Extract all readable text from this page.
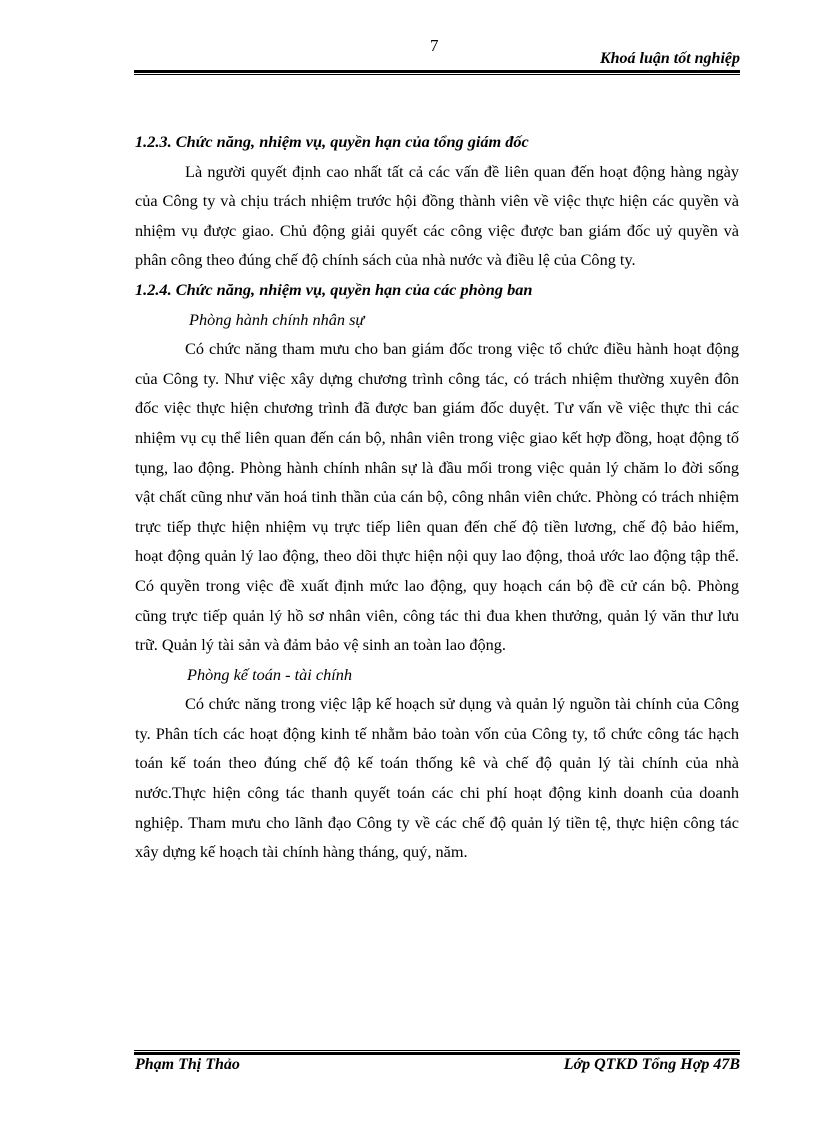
7
Khoá luận tốt nghiệp

1.2.3. Chức năng, nhiệm vụ, quyền hạn của tổng giám đốc

Là người quyết định cao nhất tất cả các vấn đề liên quan đến hoạt động hàng ngày của Công ty và chịu trách nhiệm trước hội đồng thành viên về việc thực hiện các quyền và nhiệm vụ được giao. Chủ động giải quyết các công việc được ban giám đốc uỷ quyền và phân công theo đúng chế độ chính sách của nhà nước và điều lệ của Công ty.

1.2.4. Chức năng, nhiệm vụ, quyền hạn của các phòng ban

Phòng hành chính nhân sự

Có chức năng tham mưu cho ban giám đốc trong việc tổ chức điều hành hoạt động của Công ty. Như việc xây dựng chương trình công tác, có trách nhiệm thường xuyên đôn đốc việc thực hiện chương trình đã được ban giám đốc duyệt. Tư vấn về việc thực thi các nhiệm vụ cụ thể liên quan đến cán bộ, nhân viên trong việc giao kết hợp đồng, hoạt động tố tụng, lao động. Phòng hành chính nhân sự là đầu mối trong việc quản lý chăm lo đời sống vật chất cũng như văn hoá tinh thần của cán bộ, công nhân viên chức. Phòng có trách nhiệm trực tiếp thực hiện nhiệm vụ trực tiếp liên quan đến chế độ tiền lương, chế độ bảo hiểm, hoạt động quản lý lao động, theo dõi thực hiện nội quy lao động, thoả ước lao động tập thể. Có quyền trong việc đề xuất định mức lao động, quy hoạch cán bộ đề cử cán bộ. Phòng cũng trực tiếp quản lý hồ sơ nhân viên, công tác thi đua khen thưởng, quản lý văn thư lưu trữ. Quản lý tài sản và đảm bảo vệ sinh an toàn lao động.

Phòng kế toán - tài chính

Có chức năng trong việc lập kế hoạch sử dụng và quản lý nguồn tài chính của Công ty. Phân tích các hoạt động kinh tế nhằm bảo toàn vốn của Công ty, tổ chức công tác hạch toán kế toán theo đúng chế độ kế toán thống kê và chế độ quản lý tài chính của nhà nước.Thực hiện công tác thanh quyết toán các chi phí hoạt động kinh doanh của doanh nghiệp. Tham mưu cho lãnh đạo Công ty về các chế độ quản lý tiền tệ, thực hiện công tác xây dựng kế hoạch tài chính hàng tháng, quý, năm.

Phạm Thị Thảo	Lớp QTKD Tổng Hợp 47B
